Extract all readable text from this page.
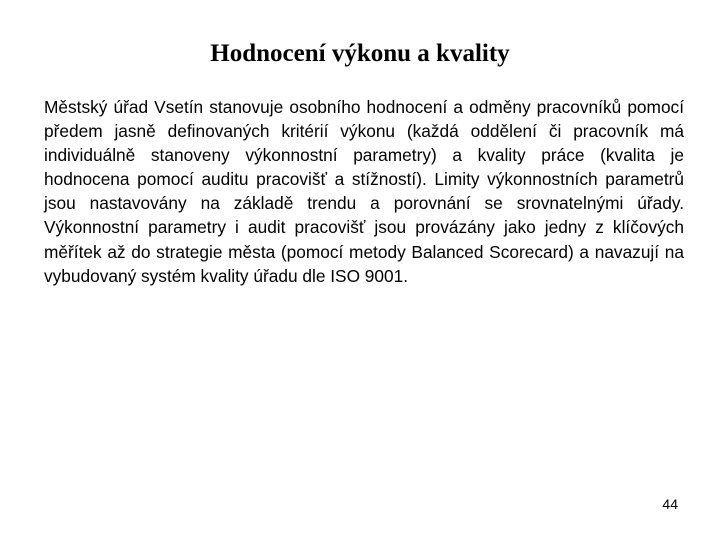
Hodnocení výkonu a kvality

Městský úřad Vsetín stanovuje osobního hodnocení a odměny pracovníků pomocí předem jasně definovaných kritérií výkonu (každá oddělení či pracovník má individuálně stanoveny výkonnostní parametry) a kvality práce (kvalita je hodnocena pomocí auditu pracovišť a stížností). Limity výkonnostních parametrů jsou nastavovány na základě trendu a porovnání se srovnatelnými úřady. Výkonnostní parametry i audit pracovišť jsou provázány jako jedny z klíčových měřítek až do strategie města (pomocí metody Balanced Scorecard) a navazují na vybudovaný systém kvality úřadu dle ISO 9001.

44
